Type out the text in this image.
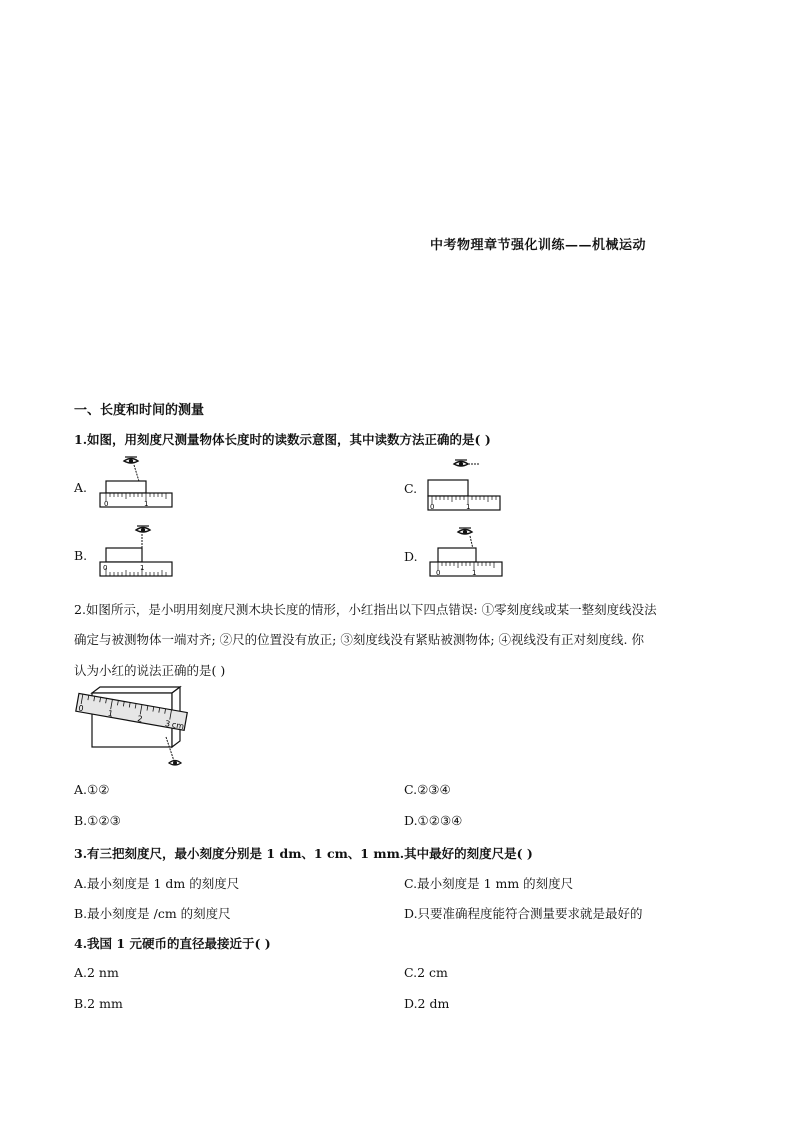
中考物理章节强化训练——机械运动
一、长度和时间的测量
1.如图，用刻度尺测量物体长度时的读数示意图，其中读数方法正确的是( )
A.
0	1
B.
0	1
C.
0	1
D.
0	1
2.如图所示，是小明用刻度尺测木块长度的情形，小红指出以下四点错误: ①零刻度线或某一整刻度线没法
确定与被测物体一端对齐; ②尺的位置没有放正; ③刻度线没有紧贴被测物体; ④视线没有正对刻度线. 你
认为小红的说法正确的是( )
0
1
2	3 cm
A.①②	C.②③④
B.①②③	D.①②③④
3.有三把刻度尺，最小刻度分别是 1 dm、1 cm、1 mm.其中最好的刻度尺是( )
A.最小刻度是 1 dm 的刻度尺	C.最小刻度是 1 mm 的刻度尺
B.最小刻度是 /cm 的刻度尺	D.只要准确程度能符合测量要求就是最好的
4.我国 1 元硬币的直径最接近于( )
A.2 nm	C.2 cm
B.2 mm	D.2 dm
